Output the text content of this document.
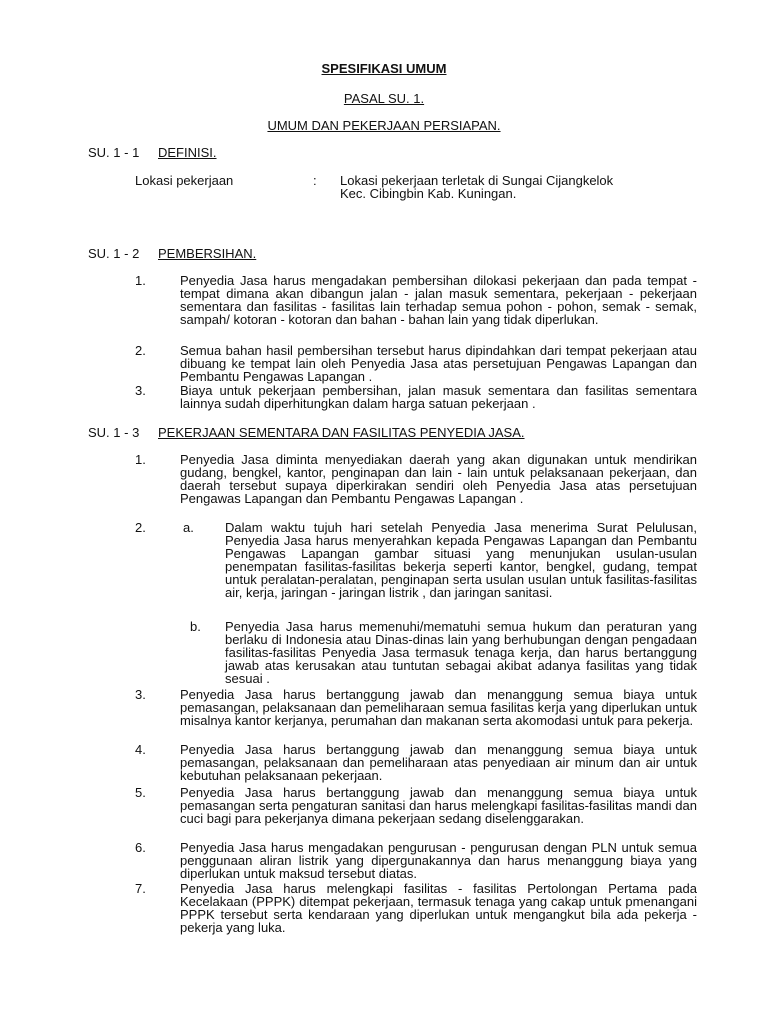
SPESIFIKASI UMUM
PASAL SU. 1.
UMUM DAN PEKERJAAN PERSIAPAN.
SU. 1 - 1 DEFINISI.
Lokasi pekerjaan	: Lokasi pekerjaan terletak di Sungai Cijangkelok
Kec. Cibingbin Kab. Kuningan.
SU. 1 - 2 PEMBERSIHAN.
1.	Penyedia Jasa harus mengadakan pembersihan dilokasi pekerjaan dan pada tempat - tempat dimana akan dibangun jalan - jalan masuk sementara, pekerjaan - pekerjaan sementara dan fasilitas - fasilitas lain terhadap semua pohon - pohon, semak - semak, sampah/ kotoran - kotoran dan bahan - bahan lain yang tidak diperlukan.
2.	Semua bahan hasil pembersihan tersebut harus dipindahkan dari tempat pekerjaan atau dibuang ke tempat lain oleh Penyedia Jasa atas persetujuan Pengawas Lapangan dan Pembantu Pengawas Lapangan .
3.	Biaya untuk pekerjaan pembersihan, jalan masuk sementara dan fasilitas sementara lainnya sudah diperhitungkan dalam harga satuan pekerjaan .
SU. 1 - 3 PEKERJAAN SEMENTARA DAN FASILITAS PENYEDIA JASA.
1.	Penyedia Jasa diminta menyediakan daerah yang akan digunakan untuk mendirikan gudang, bengkel, kantor, penginapan dan lain - lain untuk pelaksanaan pekerjaan, dan daerah tersebut supaya diperkirakan sendiri oleh Penyedia Jasa atas persetujuan Pengawas Lapangan dan Pembantu Pengawas Lapangan .
2.	a. Dalam waktu tujuh hari setelah Penyedia Jasa menerima Surat Pelulusan, Penyedia Jasa harus menyerahkan kepada Pengawas Lapangan dan Pembantu Pengawas Lapangan gambar situasi yang menunjukan usulan-usulan penempatan fasilitas-fasilitas bekerja seperti kantor, bengkel, gudang, tempat untuk peralatan-peralatan, penginapan serta usulan usulan untuk fasilitas-fasilitas air, kerja, jaringan - jaringan listrik , dan jaringan sanitasi.
b. Penyedia Jasa harus memenuhi/mematuhi semua hukum dan peraturan yang berlaku di Indonesia atau Dinas-dinas lain yang berhubungan dengan pengadaan fasilitas-fasilitas Penyedia Jasa termasuk tenaga kerja, dan harus bertanggung jawab atas kerusakan atau tuntutan sebagai akibat adanya fasilitas yang tidak sesuai .
3.	Penyedia Jasa harus bertanggung jawab dan menanggung semua biaya untuk pemasangan, pelaksanaan dan pemeliharaan semua fasilitas kerja yang diperlukan untuk misalnya kantor kerjanya, perumahan dan makanan serta akomodasi untuk para pekerja.
4.	Penyedia Jasa harus bertanggung jawab dan menanggung semua biaya untuk pemasangan, pelaksanaan dan pemeliharaan atas penyediaan air minum dan air untuk kebutuhan pelaksanaan pekerjaan.
5.	Penyedia Jasa harus bertanggung jawab dan menanggung semua biaya untuk pemasangan serta pengaturan sanitasi dan harus melengkapi fasilitas-fasilitas mandi dan cuci bagi para pekerjanya dimana pekerjaan sedang diselenggarakan.
6.	Penyedia Jasa harus mengadakan pengurusan - pengurusan dengan PLN untuk semua penggunaan aliran listrik yang dipergunakannya dan harus menanggung biaya yang diperlukan untuk maksud tersebut diatas.
7.	Penyedia Jasa harus melengkapi fasilitas - fasilitas Pertolongan Pertama pada Kecelakaan (PPPK) ditempat pekerjaan, termasuk tenaga yang cakap untuk pmenangani PPPK tersebut serta kendaraan yang diperlukan untuk mengangkut bila ada pekerja - pekerja yang luka.
